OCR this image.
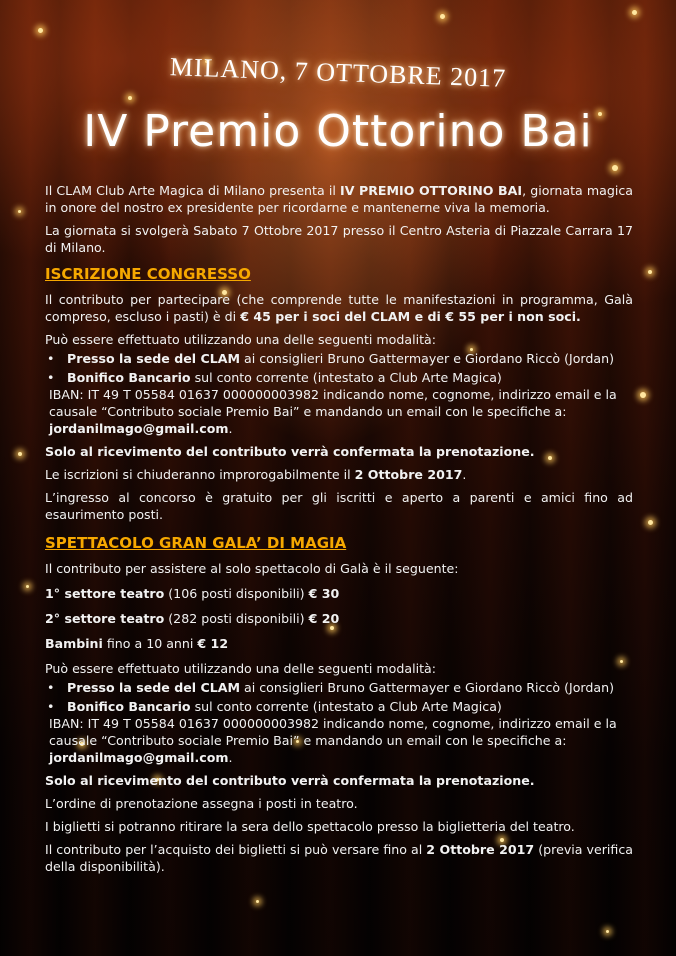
MILANO, 7 OTTOBRE 2017
IV Premio Ottorino Bai

Il CLAM Club Arte Magica di Milano presenta il IV PREMIO OTTORINO BAI, giornata magica in onore del nostro ex presidente per ricordarne e mantenerne viva la memoria.

La giornata si svolgerà Sabato 7 Ottobre 2017 presso il Centro Asteria di Piazzale Carrara 17 di Milano.

ISCRIZIONE CONGRESSO

Il contributo per partecipare (che comprende tutte le manifestazioni in programma, Galà compreso, escluso i pasti) è di € 45 per i soci del CLAM e di € 55 per i non soci.

Può essere effettuato utilizzando una delle seguenti modalità:

• Presso la sede del CLAM ai consiglieri Bruno Gattermayer e Giordano Riccò (Jordan)
• Bonifico Bancario sul conto corrente (intestato a Club Arte Magica)

IBAN: IT 49 T 05584 01637 000000003982 indicando nome, cognome, indirizzo email e la causale “Contributo sociale Premio Bai” e mandando un email con le specifiche a:
jordanilmago@gmail.com.

Solo al ricevimento del contributo verrà confermata la prenotazione.

Le iscrizioni si chiuderanno improrogabilmente il 2 Ottobre 2017.

L’ingresso al concorso è gratuito per gli iscritti e aperto a parenti e amici fino ad esaurimento posti.

SPETTACOLO GRAN GALA’ DI MAGIA

Il contributo per assistere al solo spettacolo di Galà è il seguente:

1° settore teatro (106 posti disponibili) € 30

2° settore teatro (282 posti disponibili) € 20

Bambini fino a 10 anni € 12

Può essere effettuato utilizzando una delle seguenti modalità:

• Presso la sede del CLAM ai consiglieri Bruno Gattermayer e Giordano Riccò (Jordan)
• Bonifico Bancario sul conto corrente (intestato a Club Arte Magica)

IBAN: IT 49 T 05584 01637 000000003982 indicando nome, cognome, indirizzo email e la causale “Contributo sociale Premio Bai” e mandando un email con le specifiche a:
jordanilmago@gmail.com.

Solo al ricevimento del contributo verrà confermata la prenotazione.

L’ordine di prenotazione assegna i posti in teatro.

I biglietti si potranno ritirare la sera dello spettacolo presso la biglietteria del teatro.

Il contributo per l’acquisto dei biglietti si può versare fino al 2 Ottobre 2017 (previa verifica della disponibilità).
